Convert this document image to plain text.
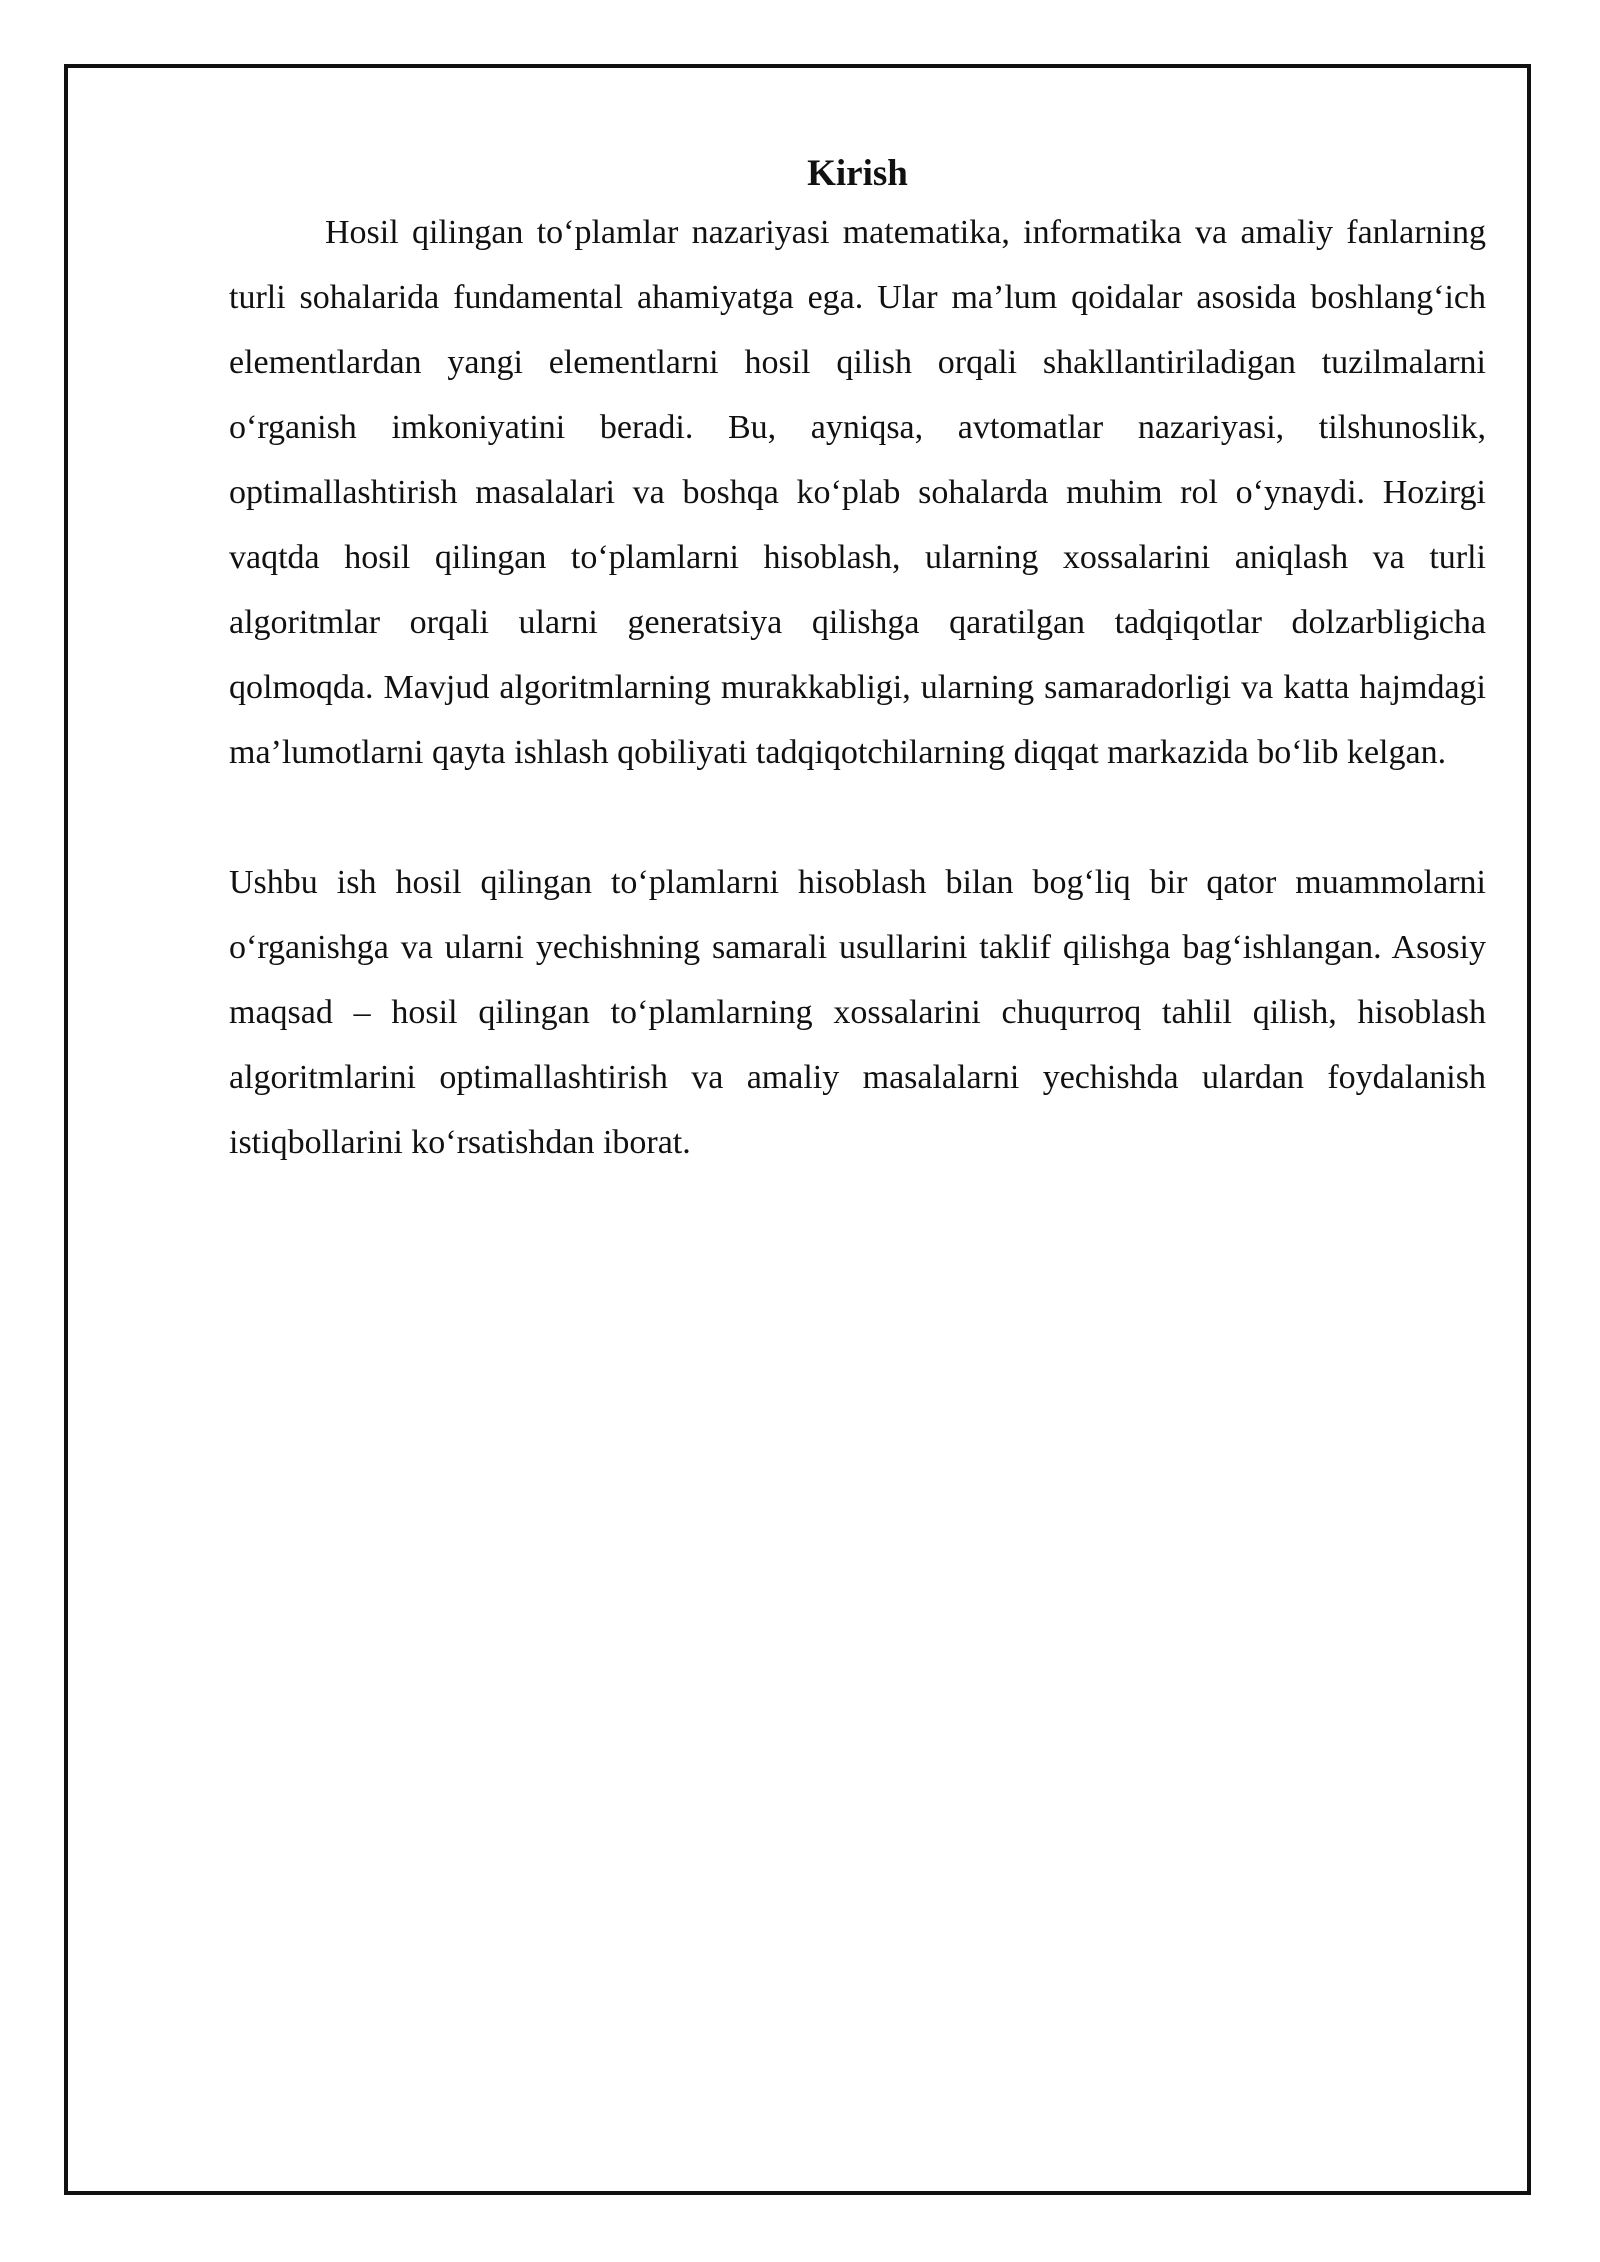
Kirish

Hosil qilingan to‘plamlar nazariyasi matematika, informatika va amaliy fanlarning turli sohalarida fundamental ahamiyatga ega. Ular ma’lum qoidalar asosida boshlang‘ich elementlardan yangi elementlarni hosil qilish orqali shakllantiriladigan tuzilmalarni o‘rganish imkoniyatini beradi. Bu, ayniqsa, avtomatlar nazariyasi, tilshunoslik, optimallashtirish masalalari va boshqa ko‘plab sohalarda muhim rol o‘ynaydi. Hozirgi vaqtda hosil qilingan to‘plamlarni hisoblash, ularning xossalarini aniqlash va turli algoritmlar orqali ularni generatsiya qilishga qaratilgan tadqiqotlar dolzarbligicha qolmoqda. Mavjud algoritmlarning murakkabligi, ularning samaradorligi va katta hajmdagi ma’lumotlarni qayta ishlash qobiliyati tadqiqotchilarning diqqat markazida bo‘lib kelgan.

Ushbu ish hosil qilingan to‘plamlarni hisoblash bilan bog‘liq bir qator muammolarni o‘rganishga va ularni yechishning samarali usullarini taklif qilishga bag‘ishlangan. Asosiy maqsad – hosil qilingan to‘plamlarning xossalarini chuqurroq tahlil qilish, hisoblash algoritmlarini optimallashtirish va amaliy masalalarni yechishda ulardan foydalanish istiqbollarini ko‘rsatishdan iborat.
